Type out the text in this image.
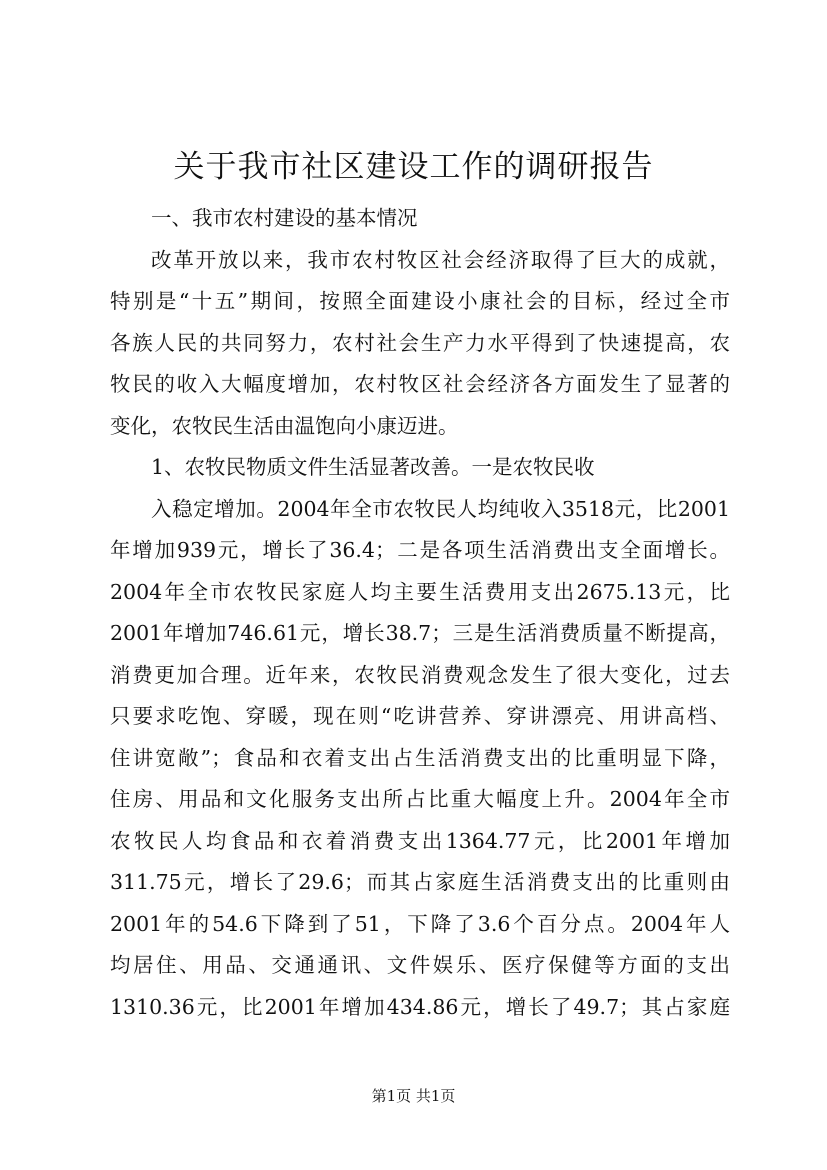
关于我市社区建设工作的调研报告
一、我市农村建设的基本情况
改革开放以来，我市农村牧区社会经济取得了巨大的成就，
特别是“十五”期间，按照全面建设小康社会的目标，经过全市
各族人民的共同努力，农村社会生产力水平得到了快速提高，农
牧民的收入大幅度增加，农村牧区社会经济各方面发生了显著的
变化，农牧民生活由温饱向小康迈进。
1、农牧民物质文件生活显著改善。一是农牧民收
入稳定增加。2004年全市农牧民人均纯收入3518元，比2001
年增加939元，增长了36.4；二是各项生活消费出支全面增长。
2004年全市农牧民家庭人均主要生活费用支出2675.13元，比
2001年增加746.61元，增长38.7；三是生活消费质量不断提高，
消费更加合理。近年来，农牧民消费观念发生了很大变化，过去
只要求吃饱、穿暖，现在则“吃讲营养、穿讲漂亮、用讲高档、
住讲宽敞”；食品和衣着支出占生活消费支出的比重明显下降，
住房、用品和文化服务支出所占比重大幅度上升。2004年全市
农牧民人均食品和衣着消费支出1364.77元，比2001年增加
311.75元，增长了29.6；而其占家庭生活消费支出的比重则由
2001年的54.6下降到了51，下降了3.6个百分点。2004年人
均居住、用品、交通通讯、文件娱乐、医疗保健等方面的支出
1310.36元，比2001年增加434.86元，增长了49.7；其占家庭
第1页 共1页
